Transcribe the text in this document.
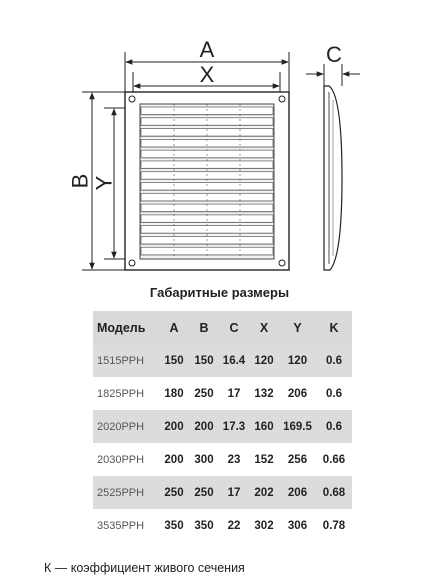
A
X
B Y
C
Габаритные размеры
Модель	A	B	C	X	Y	K
1515PPH	150	150	16.4	120	120	0.6
1825PPH	180	250	17	132	206	0.6
2020PPH	200	200	17.3	160	169.5	0.6
2030PPH	200	300	23	152	256	0.66
2525PPH	250	250	17	202	206	0.68
3535PPH	350	350	22	302	306	0.78
К — коэффициент живого сечения
